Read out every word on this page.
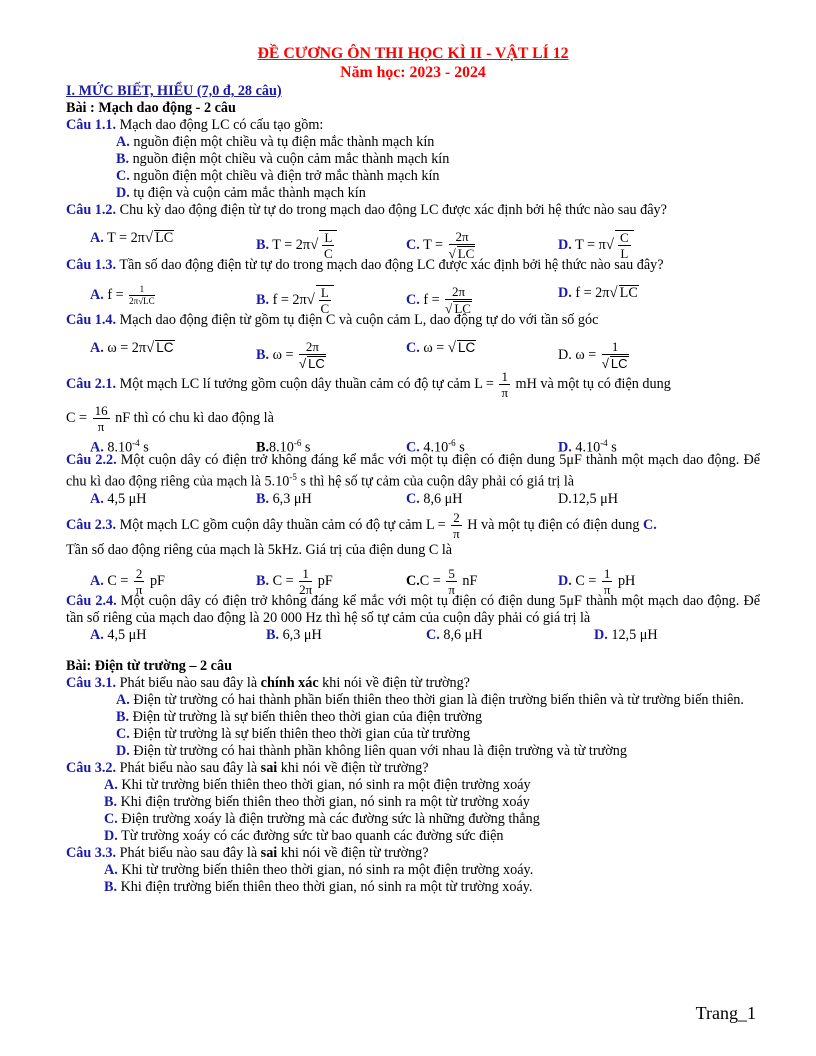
ĐỀ CƯƠNG ÔN THI HỌC KÌ II - VẬT LÍ 12
Năm học: 2023 - 2024
I. MỨC BIẾT, HIỂU (7,0 đ, 28 câu)
Bài : Mạch dao động - 2 câu
Câu 1.1. Mạch dao động LC có cấu tạo gồm:
A. nguồn điện một chiều và tụ điện mắc thành mạch kín
B. nguồn điện một chiều và cuộn cảm mắc thành mạch kín
C. nguồn điện một chiều và điện trở mắc thành mạch kín
D. tụ điện và cuộn cảm mắc thành mạch kín
Câu 1.2. Chu kỳ dao động điện từ tự do trong mạch dao động LC được xác định bởi hệ thức nào sau đây?
A. T = 2π√ LC	B. $T = 2\pi√ \frac{L}{C}$	C. $T = \frac{2\pi}{√ LC}$	D. $T = \pi√ \frac{C}{L}$
Câu 1.3. Tần số dao động điện từ tự do trong mạch dao động LC được xác định bởi hệ thức nào sau đây?
A. $f = \frac{1}{2\pi√LC}$	B. $f = 2\pi√ \frac{L}{C}$	C. $f = \frac{2\pi}{√ LC}$	D. f = 2π√ LC
Câu 1.4. Mạch dao động điện từ gồm tụ điện C và cuộn cảm L, dao động tự do với tần số góc
A. ω = 2π√ LC	B. $\omega = \frac{2\pi}{√ LC}$	C. ω = √ LC	D. $\omega = \frac{1}{√ LC}$
Câu 2.1. Một mạch LC lí tưởng gồm cuộn dây thuần cảm có độ tự cảm $L = \frac{1}{\pi}$ mH và một tụ có điện dung
$C = \frac{16}{\pi}$ nF thì có chu kì dao động là
A. $8.10^{-4}$ s	$B.8.10^{-6}$ s	C. $4.10^{-6}$ s	D. $4.10^{-4}$ s
Câu 2.2. Một cuộn dây có điện trở không đáng kể mắc với một tụ điện có điện dung 5μF thành một mạch dao động. Để chu kì dao động riêng của mạch là $5.10^{-5}$ s thì hệ số tự cảm của cuộn dây phải có giá trị là
A. 4,5 μH	B. 6,3 μH	C. 8,6 μH	D.12,5 μH
Câu 2.3. Một mạch LC gồm cuộn dây thuần cảm có độ tự cảm $L = \frac{2}{\pi}$ H và một tụ điện có điện dung C.
Tần số dao động riêng của mạch là 5kHz. Giá trị của điện dung C là
A. $C = \frac{2}{\pi}$ pF	B. $C = \frac{1}{2\pi}$ pF	$C.C = \frac{5}{\pi}$ nF	D. $C = \frac{1}{\pi}$ pH
Câu 2.4. Một cuộn dây có điện trở không đáng kể mắc với một tụ điện có điện dung 5μF thành một mạch dao động. Để tần số riêng của mạch dao động là 20 000 Hz thì hệ số tự cảm của cuộn dây phải có giá trị là
A. 4,5 μH	B. 6,3 μH	C. 8,6 μH	D. 12,5 μH
Bài: Điện từ trường – 2 câu
Câu 3.1. Phát biểu nào sau đây là chính xác khi nói về điện từ trường?
A. Điện từ trường có hai thành phần biến thiên theo thời gian là điện trường biến thiên và từ trường biến thiên.
B. Điện từ trường là sự biến thiên theo thời gian của điện trường
C. Điện từ trường là sự biến thiên theo thời gian của từ trường
D. Điện từ trường có hai thành phần không liên quan với nhau là điện trường và từ trường
Câu 3.2. Phát biểu nào sau đây là sai khi nói về điện từ trường?
A. Khi từ trường biến thiên theo thời gian, nó sinh ra một điện trường xoáy
B. Khi điện trường biến thiên theo thời gian, nó sinh ra một từ trường xoáy
C. Điện trường xoáy là điện trường mà các đường sức là những đường thẳng
D. Từ trường xoáy có các đường sức từ bao quanh các đường sức điện
Câu 3.3. Phát biểu nào sau đây là sai khi nói về điện từ trường?
A. Khi từ trường biến thiên theo thời gian, nó sinh ra một điện trường xoáy.
B. Khi điện trường biến thiên theo thời gian, nó sinh ra một từ trường xoáy.
Trang_1
